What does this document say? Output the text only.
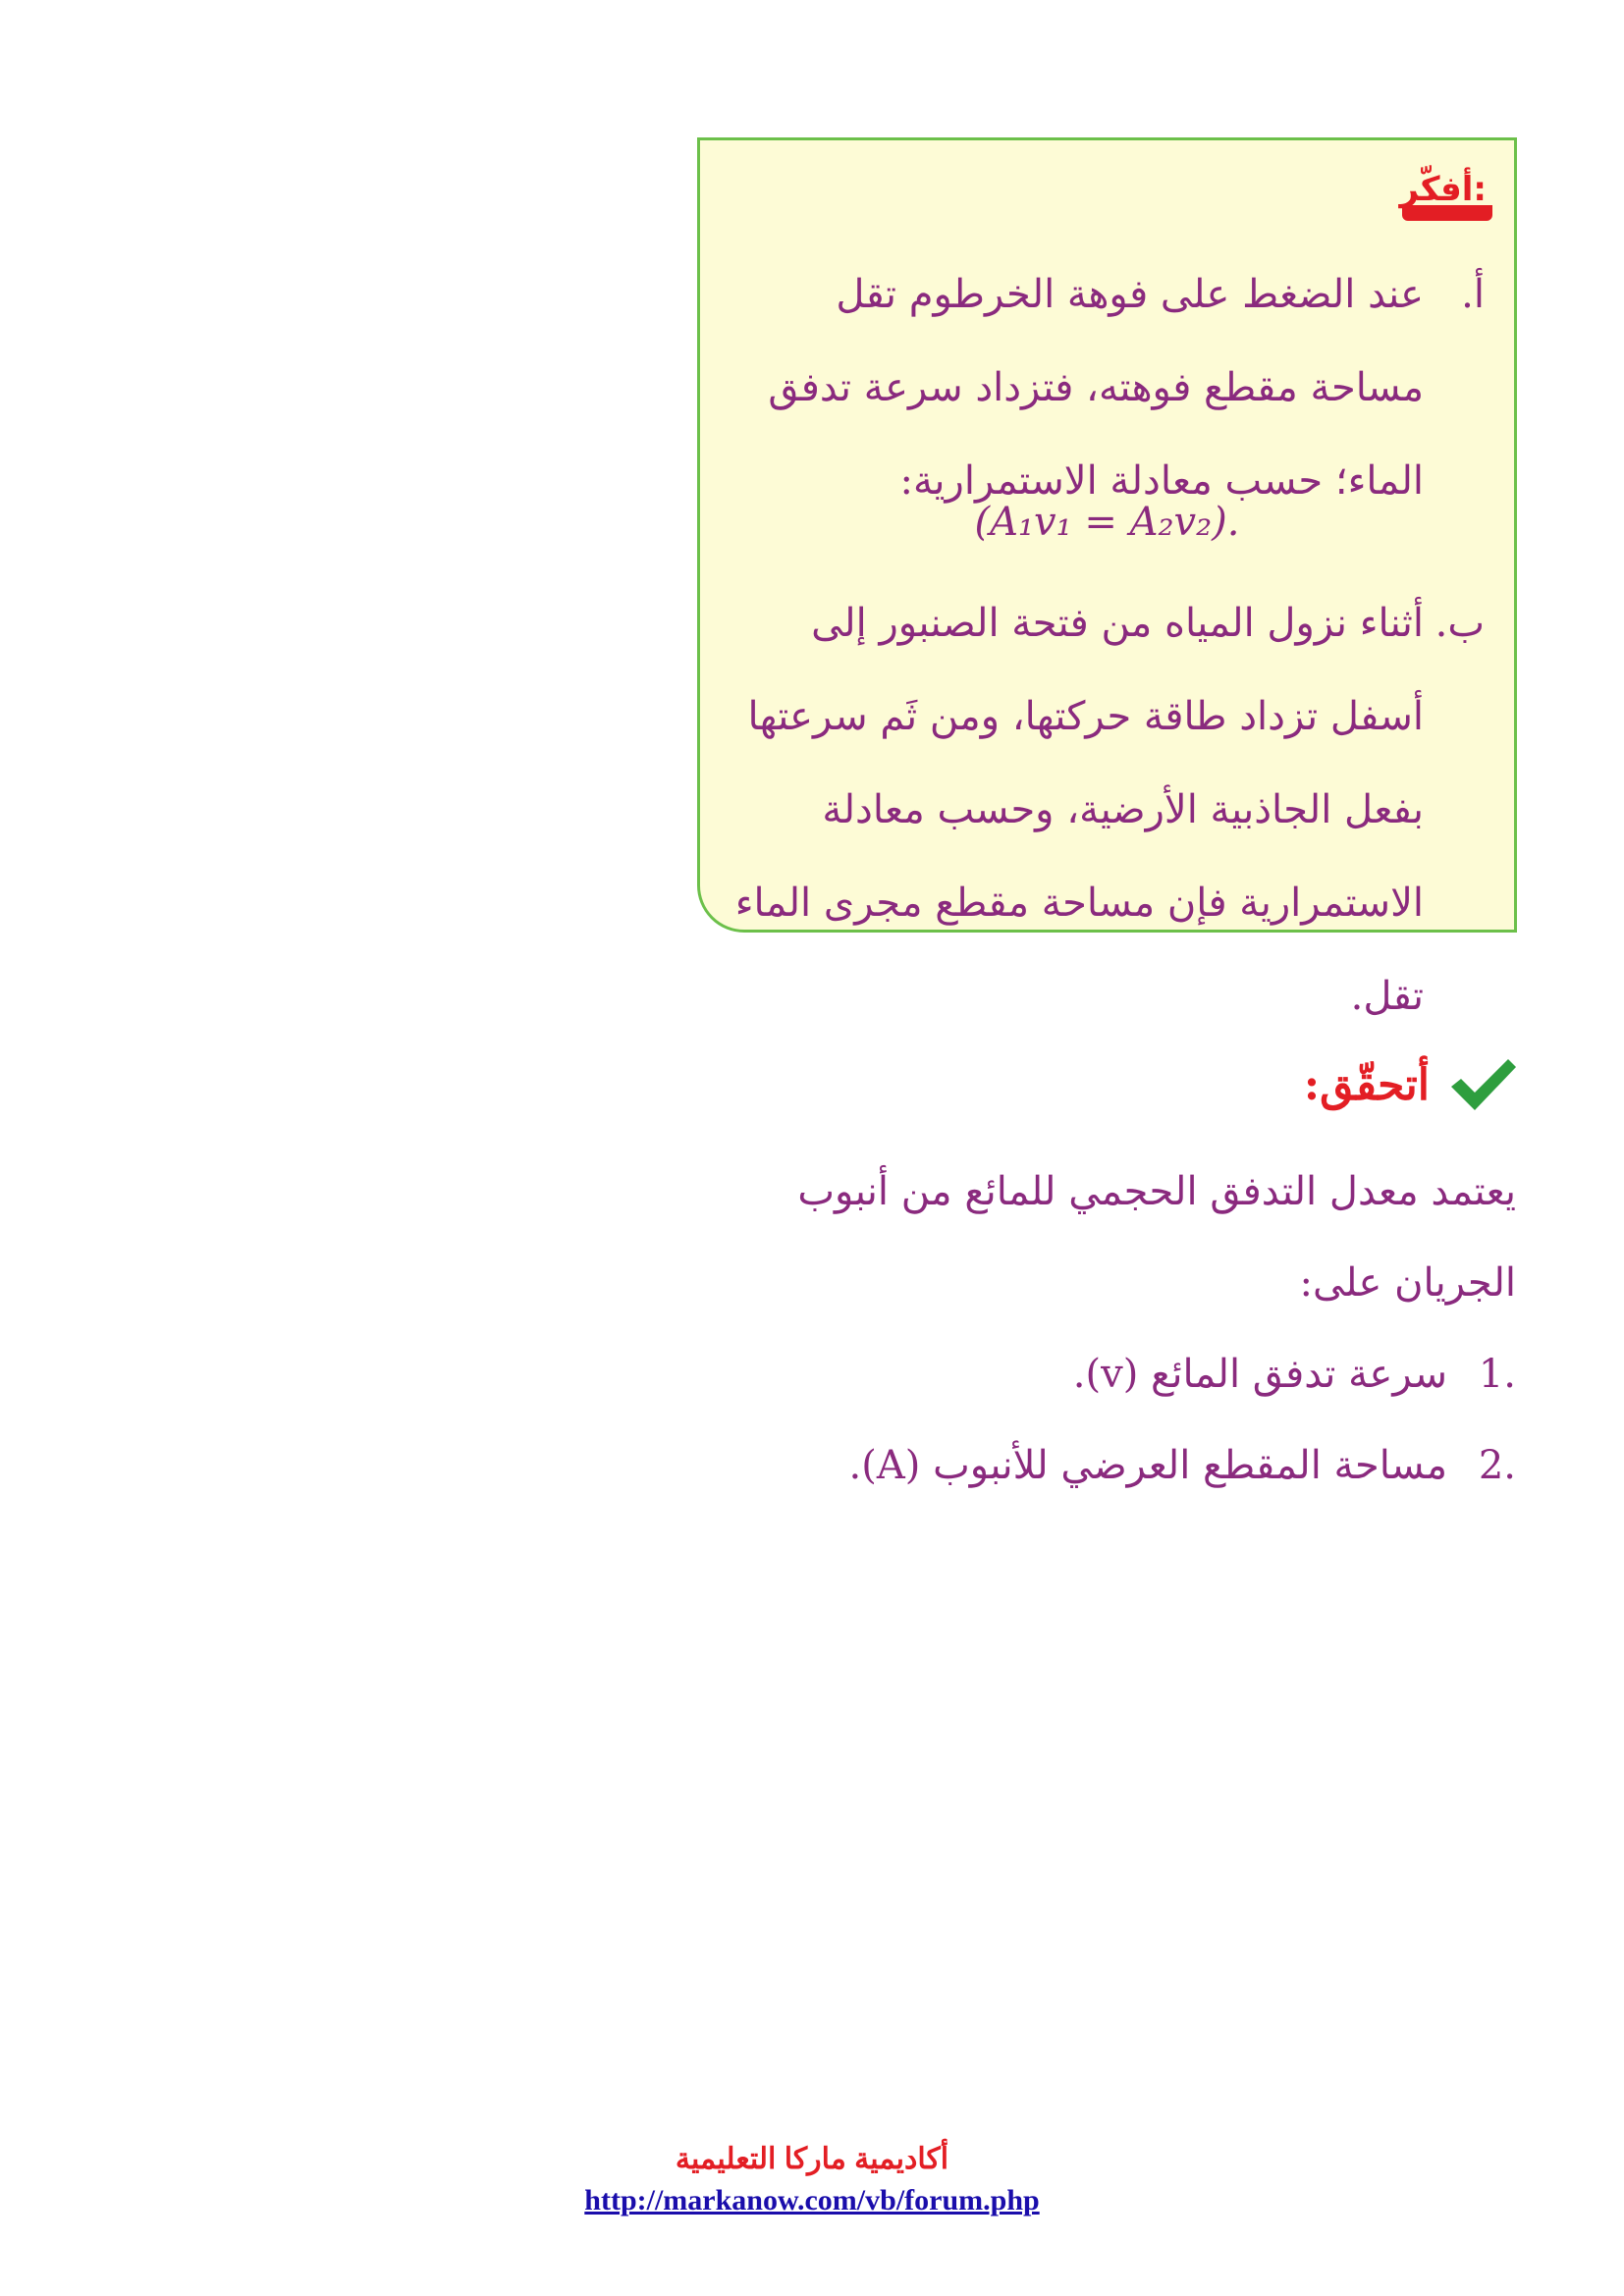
أفكّر:
أ.
عند الضغط على فوهة الخرطوم تقل مساحة مقطع فوهته، فتزداد سرعة تدفق الماء؛ حسب معادلة الاستمرارية:
(A₁v₁ = A₂v₂).
ب.
أثناء نزول المياه من فتحة الصنبور إلى أسفل تزداد طاقة حركتها، ومن ثَم سرعتها بفعل الجاذبية الأرضية، وحسب معادلة الاستمرارية فإن مساحة مقطع مجرى الماء تقل.
أتحقّق:
يعتمد معدل التدفق الحجمي للمائع من أنبوب الجريان على:
.1
سرعة تدفق المائع (v).
.2
مساحة المقطع العرضي للأنبوب (A).
أكاديمية ماركا التعليمية
http://markanow.com/vb/forum.php
